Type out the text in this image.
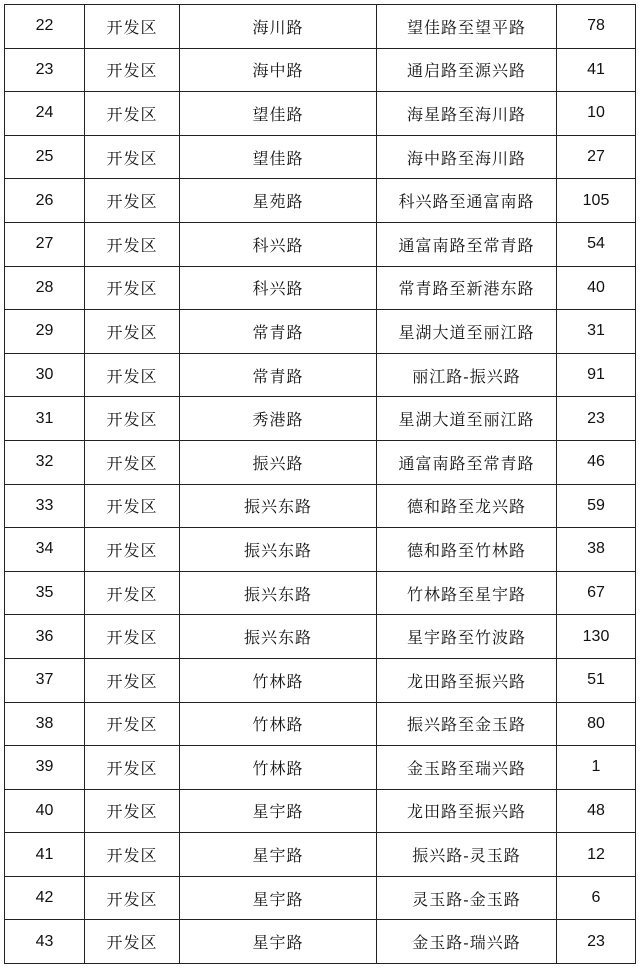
22	开发区	海川路	望佳路至望平路	78
23	开发区	海中路	通启路至源兴路	41
24	开发区	望佳路	海星路至海川路	10
25	开发区	望佳路	海中路至海川路	27
26	开发区	星苑路	科兴路至通富南路	105
27	开发区	科兴路	通富南路至常青路	54
28	开发区	科兴路	常青路至新港东路	40
29	开发区	常青路	星湖大道至丽江路	31
30	开发区	常青路	丽江路-振兴路	91
31	开发区	秀港路	星湖大道至丽江路	23
32	开发区	振兴路	通富南路至常青路	46
33	开发区	振兴东路	德和路至龙兴路	59
34	开发区	振兴东路	德和路至竹林路	38
35	开发区	振兴东路	竹林路至星宇路	67
36	开发区	振兴东路	星宇路至竹波路	130
37	开发区	竹林路	龙田路至振兴路	51
38	开发区	竹林路	振兴路至金玉路	80
39	开发区	竹林路	金玉路至瑞兴路	1
40	开发区	星宇路	龙田路至振兴路	48
41	开发区	星宇路	振兴路-灵玉路	12
42	开发区	星宇路	灵玉路-金玉路	6
43	开发区	星宇路	金玉路-瑞兴路	23
